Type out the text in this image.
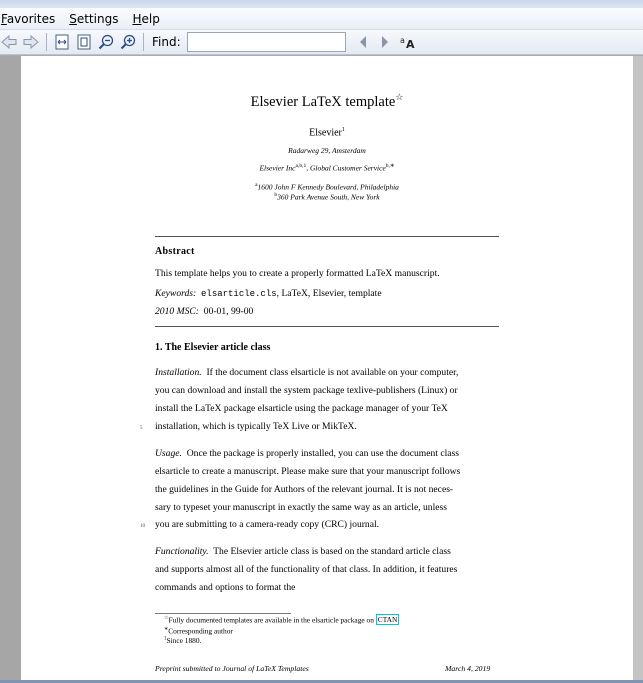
Favorites Settings Help
Find:	a A
Elsevier LaTeX template☆
Elsevier$^1$
Radarweg 29, Amsterdam
Elsevier Inc$^{a,b,1}$, Global Customer Service$^{b,∗}$
$^a$1600 John F Kennedy Boulevard, Philadelphia
$^b$360 Park Avenue South, New York
Abstract
This template helps you to create a properly formatted LaTeX manuscript.
Keywords: elsarticle.cls, LaTeX, Elsevier, template
2010 MSC: 00-01, 99-00
1. The Elsevier article class
Installation. If the document class elsarticle is not available on your computer,
you can download and install the system package texlive-publishers (Linux) or
install the LaTeX package elsarticle using the package manager of your TeX
5 installation, which is typically TeX Live or MikTeX.
Usage. Once the package is properly installed, you can use the document class
elsarticle to create a manuscript. Please make sure that your manuscript follows
the guidelines in the Guide for Authors of the relevant journal. It is not neces-
sary to typeset your manuscript in exactly the same way as an article, unless
10 you are submitting to a camera-ready copy (CRC) journal.
Functionality. The Elsevier article class is based on the standard article class
and supports almost all of the functionality of that class. In addition, it features
commands and options to format the
☆Fully documented templates are available in the elsarticle package on CTAN
∗Corresponding author
$^1$Since 1880.
Preprint submitted to Journal of LaTeX Templates	March 4, 2019
